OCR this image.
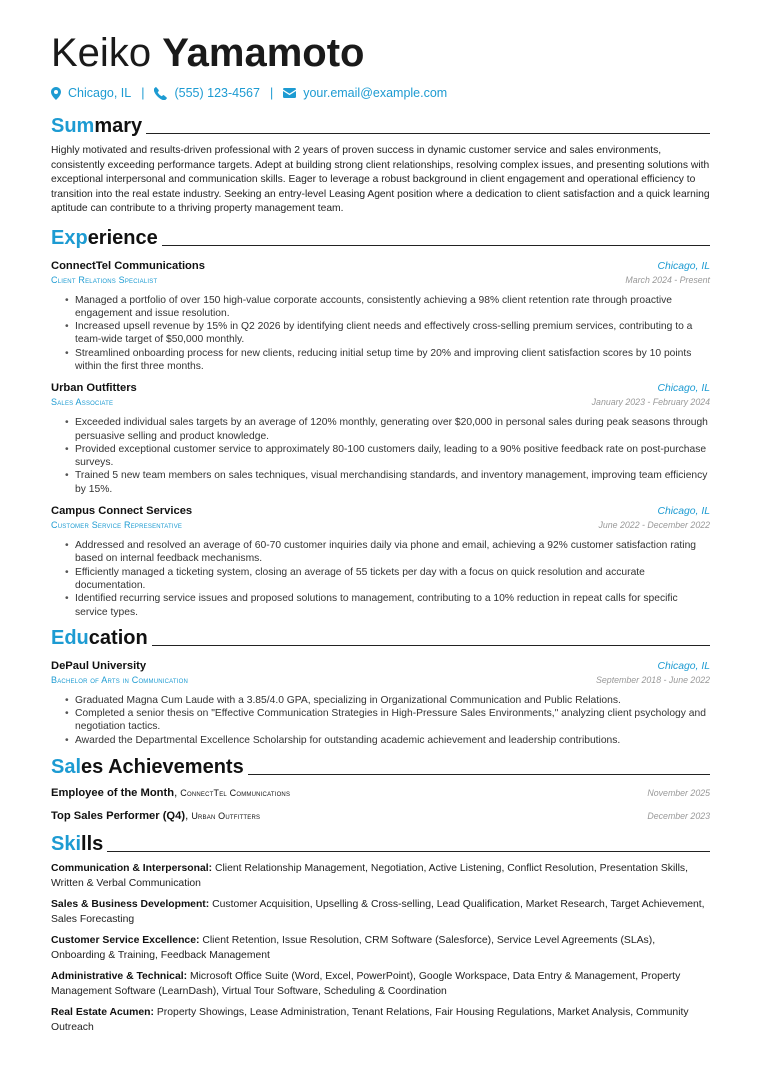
Keiko Yamamoto
Chicago, IL | (555) 123-4567 | your.email@example.com
Summary
Highly motivated and results-driven professional with 2 years of proven success in dynamic customer service and sales environments, consistently exceeding performance targets. Adept at building strong client relationships, resolving complex issues, and presenting solutions with exceptional interpersonal and communication skills. Eager to leverage a robust background in client engagement and operational efficiency to transition into the real estate industry. Seeking an entry-level Leasing Agent position where a dedication to client satisfaction and a quick learning aptitude can contribute to a thriving property management team.
Experience
ConnectTel Communications	Chicago, IL
Client Relations Specialist	March 2024 - Present
• Managed a portfolio of over 150 high-value corporate accounts, consistently achieving a 98% client retention rate through proactive engagement and issue resolution.
• Increased upsell revenue by 15% in Q2 2026 by identifying client needs and effectively cross-selling premium services, contributing to a team-wide target of $50,000 monthly.
• Streamlined onboarding process for new clients, reducing initial setup time by 20% and improving client satisfaction scores by 10 points within the first three months.
Urban Outfitters	Chicago, IL
Sales Associate	January 2023 - February 2024
• Exceeded individual sales targets by an average of 120% monthly, generating over $20,000 in personal sales during peak seasons through persuasive selling and product knowledge.
• Provided exceptional customer service to approximately 80-100 customers daily, leading to a 90% positive feedback rate on post-purchase surveys.
• Trained 5 new team members on sales techniques, visual merchandising standards, and inventory management, improving team efficiency by 15%.
Campus Connect Services	Chicago, IL
Customer Service Representative	June 2022 - December 2022
• Addressed and resolved an average of 60-70 customer inquiries daily via phone and email, achieving a 92% customer satisfaction rating based on internal feedback mechanisms.
• Efficiently managed a ticketing system, closing an average of 55 tickets per day with a focus on quick resolution and accurate documentation.
• Identified recurring service issues and proposed solutions to management, contributing to a 10% reduction in repeat calls for specific service types.
Education
DePaul University	Chicago, IL
Bachelor of Arts in Communication	September 2018 - June 2022
• Graduated Magna Cum Laude with a 3.85/4.0 GPA, specializing in Organizational Communication and Public Relations.
• Completed a senior thesis on "Effective Communication Strategies in High-Pressure Sales Environments," analyzing client psychology and negotiation tactics.
• Awarded the Departmental Excellence Scholarship for outstanding academic achievement and leadership contributions.
Sales Achievements
Employee of the Month, ConnectTel Communications	November 2025
Top Sales Performer (Q4), Urban Outfitters	December 2023
Skills
Communication & Interpersonal: Client Relationship Management, Negotiation, Active Listening, Conflict Resolution, Presentation Skills, Written & Verbal Communication
Sales & Business Development: Customer Acquisition, Upselling & Cross-selling, Lead Qualification, Market Research, Target Achievement, Sales Forecasting
Customer Service Excellence: Client Retention, Issue Resolution, CRM Software (Salesforce), Service Level Agreements (SLAs), Onboarding & Training, Feedback Management
Administrative & Technical: Microsoft Office Suite (Word, Excel, PowerPoint), Google Workspace, Data Entry & Management, Property Management Software (LearnDash), Virtual Tour Software, Scheduling & Coordination
Real Estate Acumen: Property Showings, Lease Administration, Tenant Relations, Fair Housing Regulations, Market Analysis, Community Outreach
